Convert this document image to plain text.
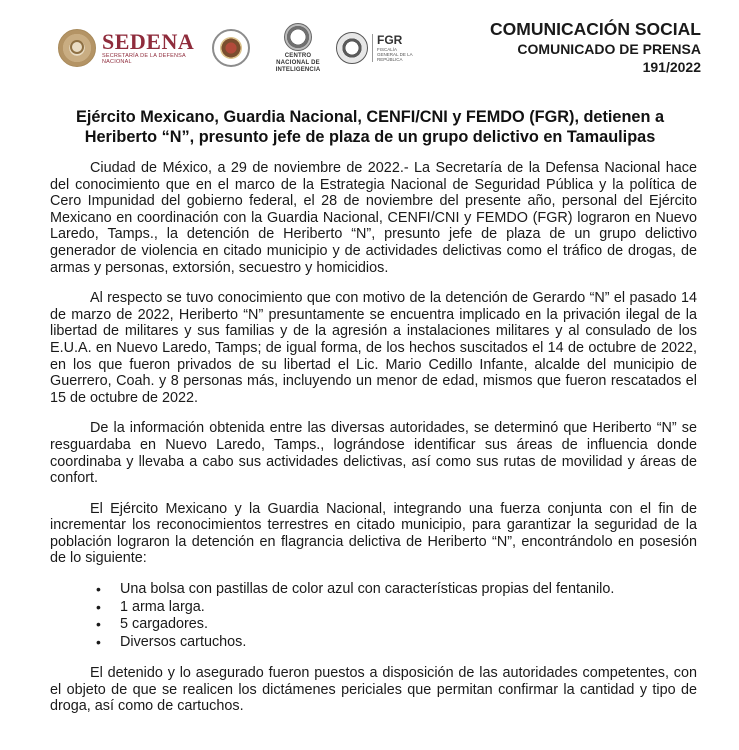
SEDENA
SECRETARÍA DE LA DEFENSA NACIONAL
CENTRO
NACIONAL DE
INTELIGENCIA
FGR
FISCALÍA GENERAL DE LA REPÚBLICA
COMUNICACIÓN SOCIAL
COMUNICADO DE PRENSA
191/2022
Ejército Mexicano, Guardia Nacional, CENFI/CNI y FEMDO (FGR), detienen a
Heriberto “N”, presunto jefe de plaza de un grupo delictivo en Tamaulipas

Ciudad de México, a 29 de noviembre de 2022.- La Secretaría de la Defensa Nacional hace del conocimiento que en el marco de la Estrategia Nacional de Seguridad Pública y la política de Cero Impunidad del gobierno federal, el 28 de noviembre del presente año, personal del Ejército Mexicano en coordinación con la Guardia Nacional, CENFI/CNI y FEMDO (FGR) lograron en Nuevo Laredo, Tamps., la detención de Heriberto “N”, presunto jefe de plaza de un grupo delictivo generador de violencia en citado municipio y de actividades delictivas como el tráfico de drogas, de armas y personas, extorsión, secuestro y homicidios.

Al respecto se tuvo conocimiento que con motivo de la detención de Gerardo “N” el pasado 14 de marzo de 2022, Heriberto “N” presuntamente se encuentra implicado en la privación ilegal de la libertad de militares y sus familias y de la agresión a instalaciones militares y al consulado de los E.U.A. en Nuevo Laredo, Tamps; de igual forma, de los hechos suscitados el 14 de octubre de 2022, en los que fueron privados de su libertad el Lic. Mario Cedillo Infante, alcalde del municipio de Guerrero, Coah. y 8 personas más, incluyendo un menor de edad, mismos que fueron rescatados el 15 de octubre de 2022.

De la información obtenida entre las diversas autoridades, se determinó que Heriberto “N” se resguardaba en Nuevo Laredo, Tamps., lográndose identificar sus áreas de influencia donde coordinaba y llevaba a cabo sus actividades delictivas, así como sus rutas de movilidad y áreas de confort.

El Ejército Mexicano y la Guardia Nacional, integrando una fuerza conjunta con el fin de incrementar los reconocimientos terrestres en citado municipio, para garantizar la seguridad de la población lograron la detención en flagrancia delictiva de Heriberto “N”, encontrándolo en posesión de lo siguiente:

• Una bolsa con pastillas de color azul con características propias del fentanilo.
• 1 arma larga.
• 5 cargadores.
• Diversos cartuchos.

El detenido y lo asegurado fueron puestos a disposición de las autoridades competentes, con el objeto de que se realicen los dictámenes periciales que permitan confirmar la cantidad y tipo de droga, así como de cartuchos.
